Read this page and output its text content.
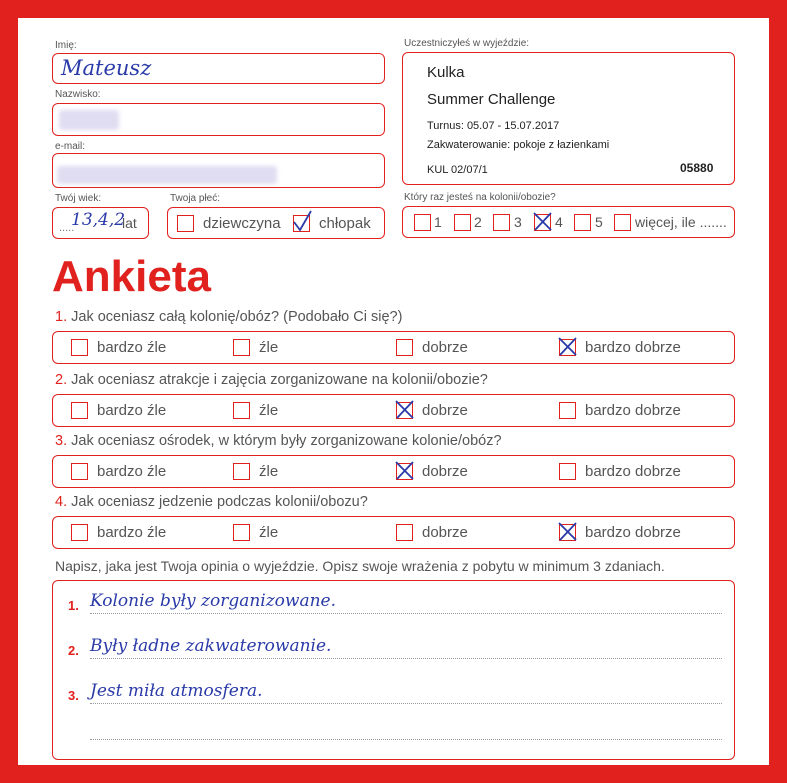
Imię:
Mateusz
Nazwisko:
e-mail:
Twój wiek:
.....
13,4,2
lat
Twoja płeć:
dziewczyna	chłopak
Uczestniczyłeś w wyjeździe:
Kulka
Summer Challenge
Turnus: 05.07 - 15.07.2017
Zakwaterowanie: pokoje z łazienkami
KUL 02/07/1	05880
Który raz jesteś na kolonii/obozie?
1 2 3 4 5 więcej, ile .......
Ankieta
1. Jak oceniasz całą kolonię/obóz? (Podobało Ci się?)
bardzo źle	źle	dobrze	bardzo dobrze
2. Jak oceniasz atrakcje i zajęcia zorganizowane na kolonii/obozie?
bardzo źle	źle	dobrze	bardzo dobrze
3. Jak oceniasz ośrodek, w którym były zorganizowane kolonie/obóz?
bardzo źle	źle	dobrze	bardzo dobrze
4. Jak oceniasz jedzenie podczas kolonii/obozu?
bardzo źle	źle	dobrze	bardzo dobrze
Napisz, jaka jest Twoja opinia o wyjeździe. Opisz swoje wrażenia z pobytu w minimum 3 zdaniach.
1. Kolonie były zorganizowane.
2. Były ładne zakwaterowanie.
3. Jest miła atmosfera.
